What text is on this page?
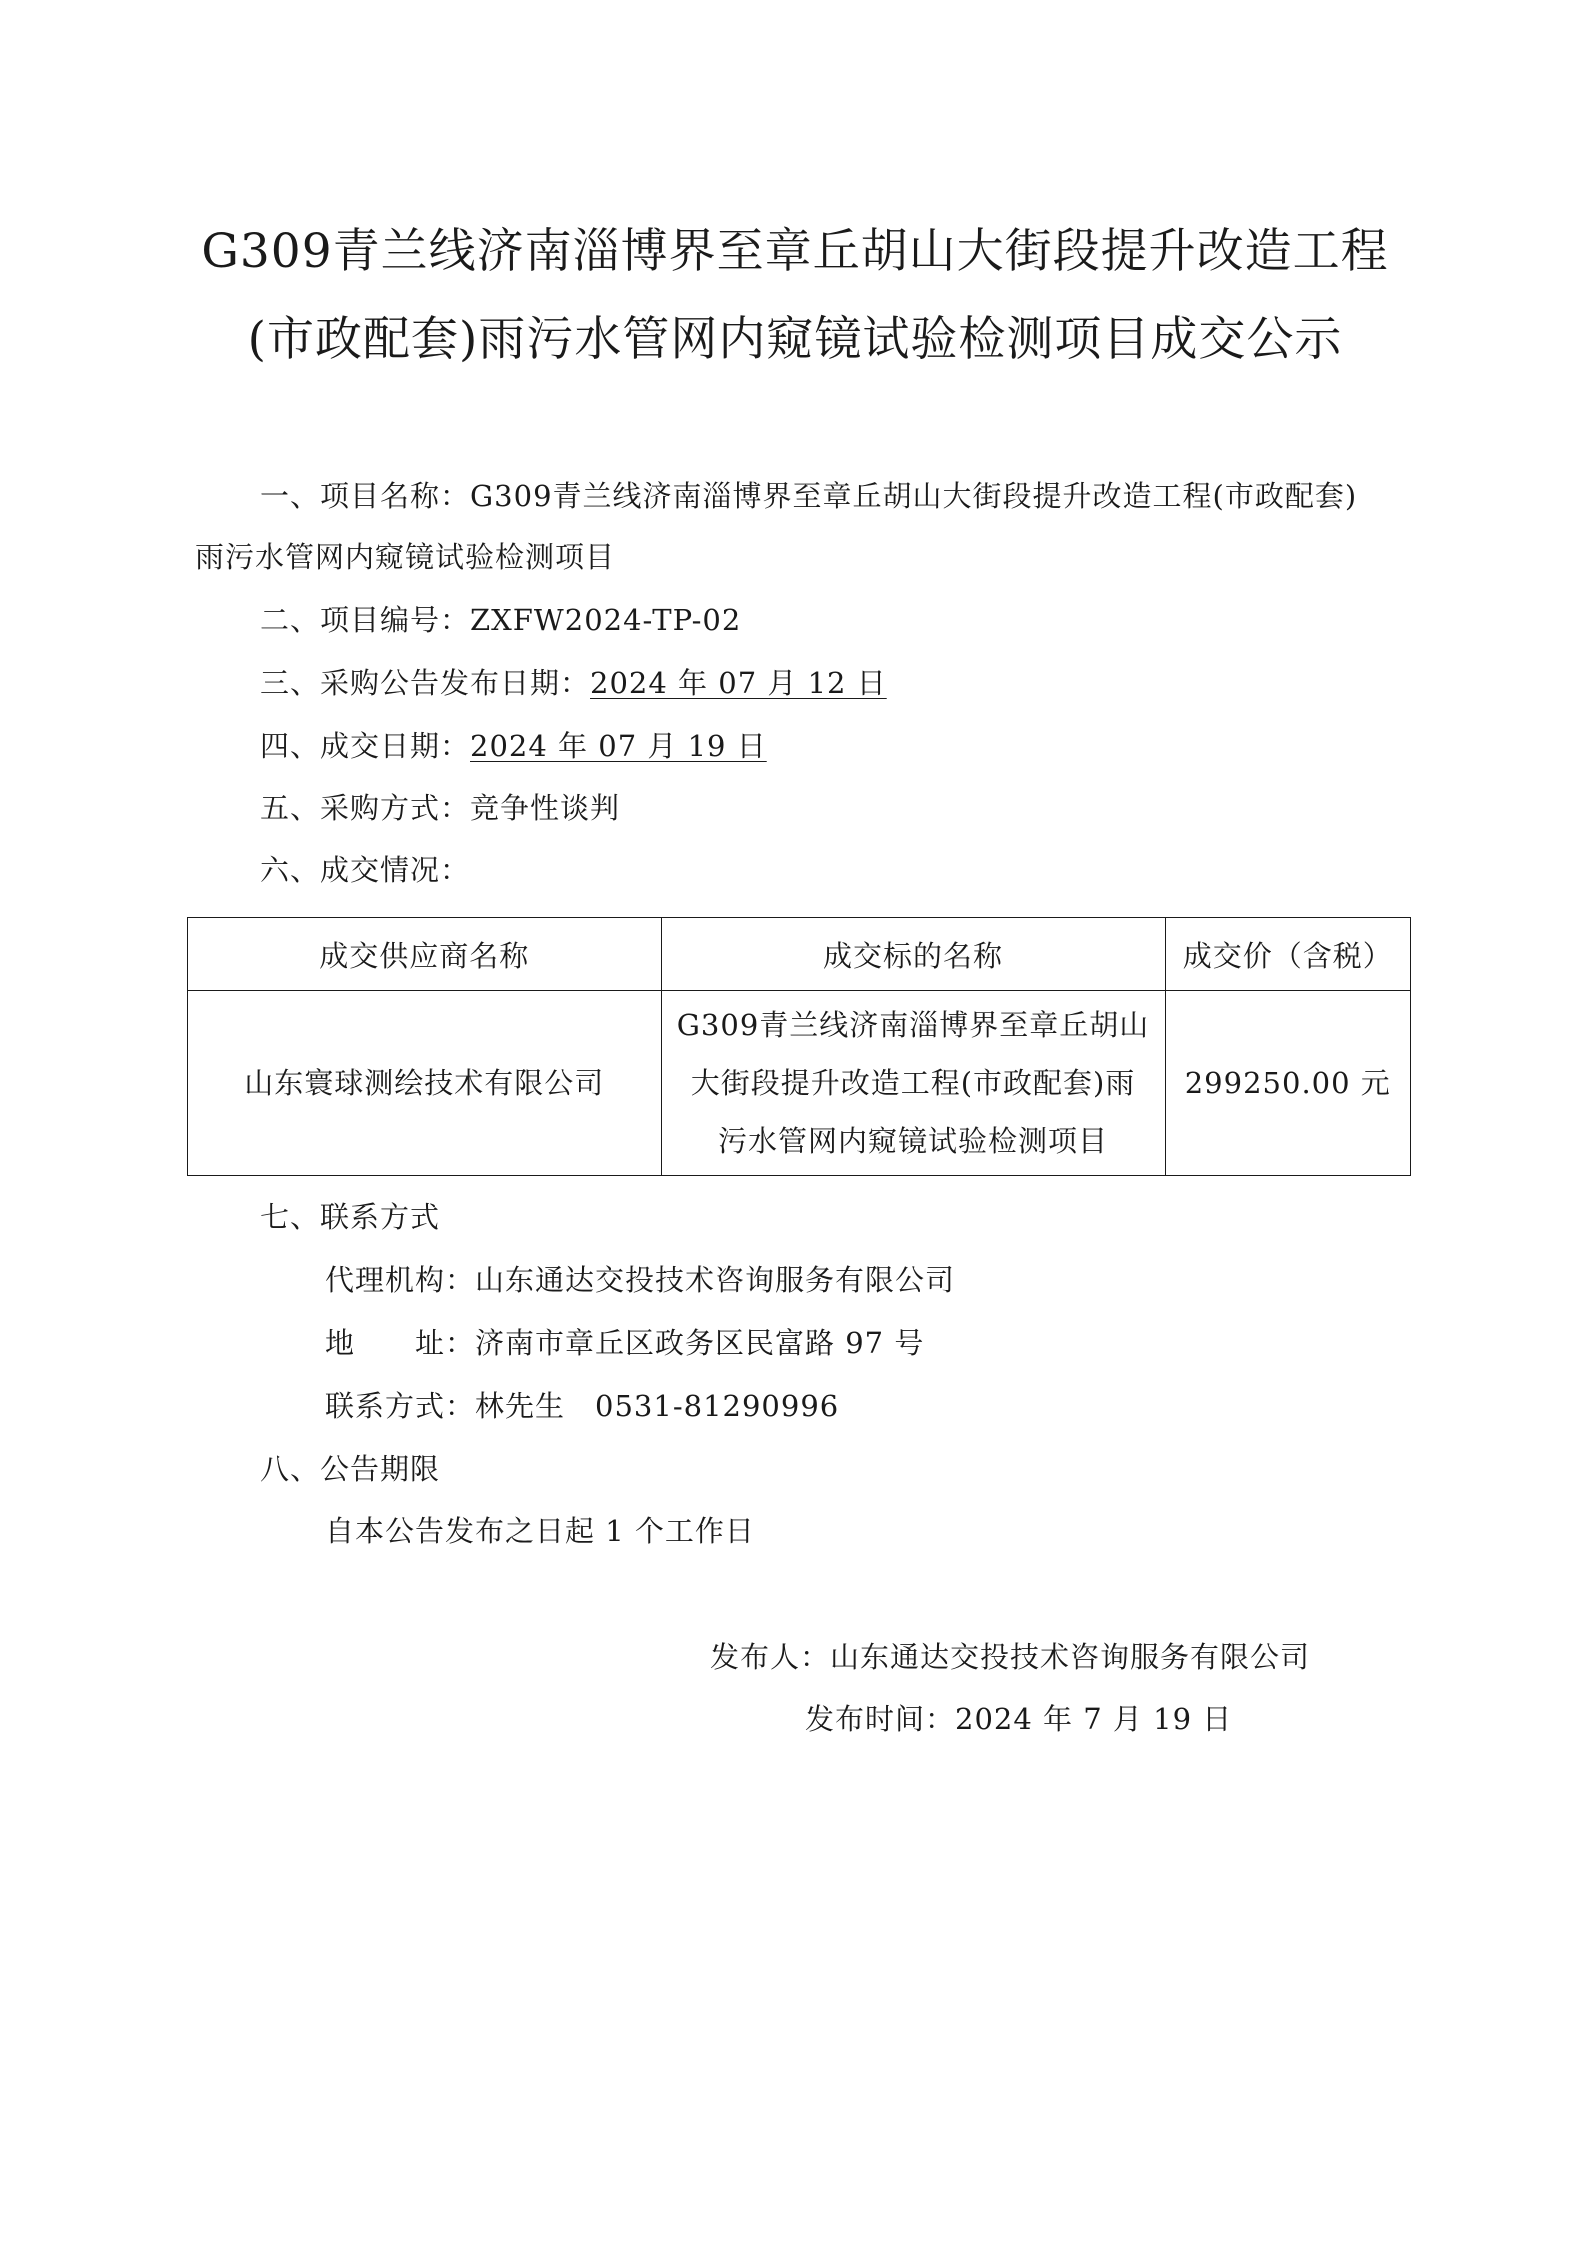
G309青兰线济南淄博界至章丘胡山大街段提升改造工程
(市政配套)雨污水管网内窥镜试验检测项目成交公示
一、项目名称：G309青兰线济南淄博界至章丘胡山大街段提升改造工程(市政配套)
雨污水管网内窥镜试验检测项目
二、项目编号：ZXFW2024-TP-02
三、采购公告发布日期：2024 年 07 月 12 日
四、成交日期：2024 年 07 月 19 日
五、采购方式：竞争性谈判
六、成交情况：
成交供应商名称	成交标的名称	成交价（含税）
山东寰球测绘技术有限公司	G309青兰线济南淄博界至章丘胡山
大街段提升改造工程(市政配套)雨
污水管网内窥镜试验检测项目	299250.00 元
七、联系方式
代理机构：山东通达交投技术咨询服务有限公司
地　　址：济南市章丘区政务区民富路 97 号
联系方式：林先生　0531-81290996
八、公告期限
自本公告发布之日起 1 个工作日
发布人：山东通达交投技术咨询服务有限公司
发布时间：2024 年 7 月 19 日
